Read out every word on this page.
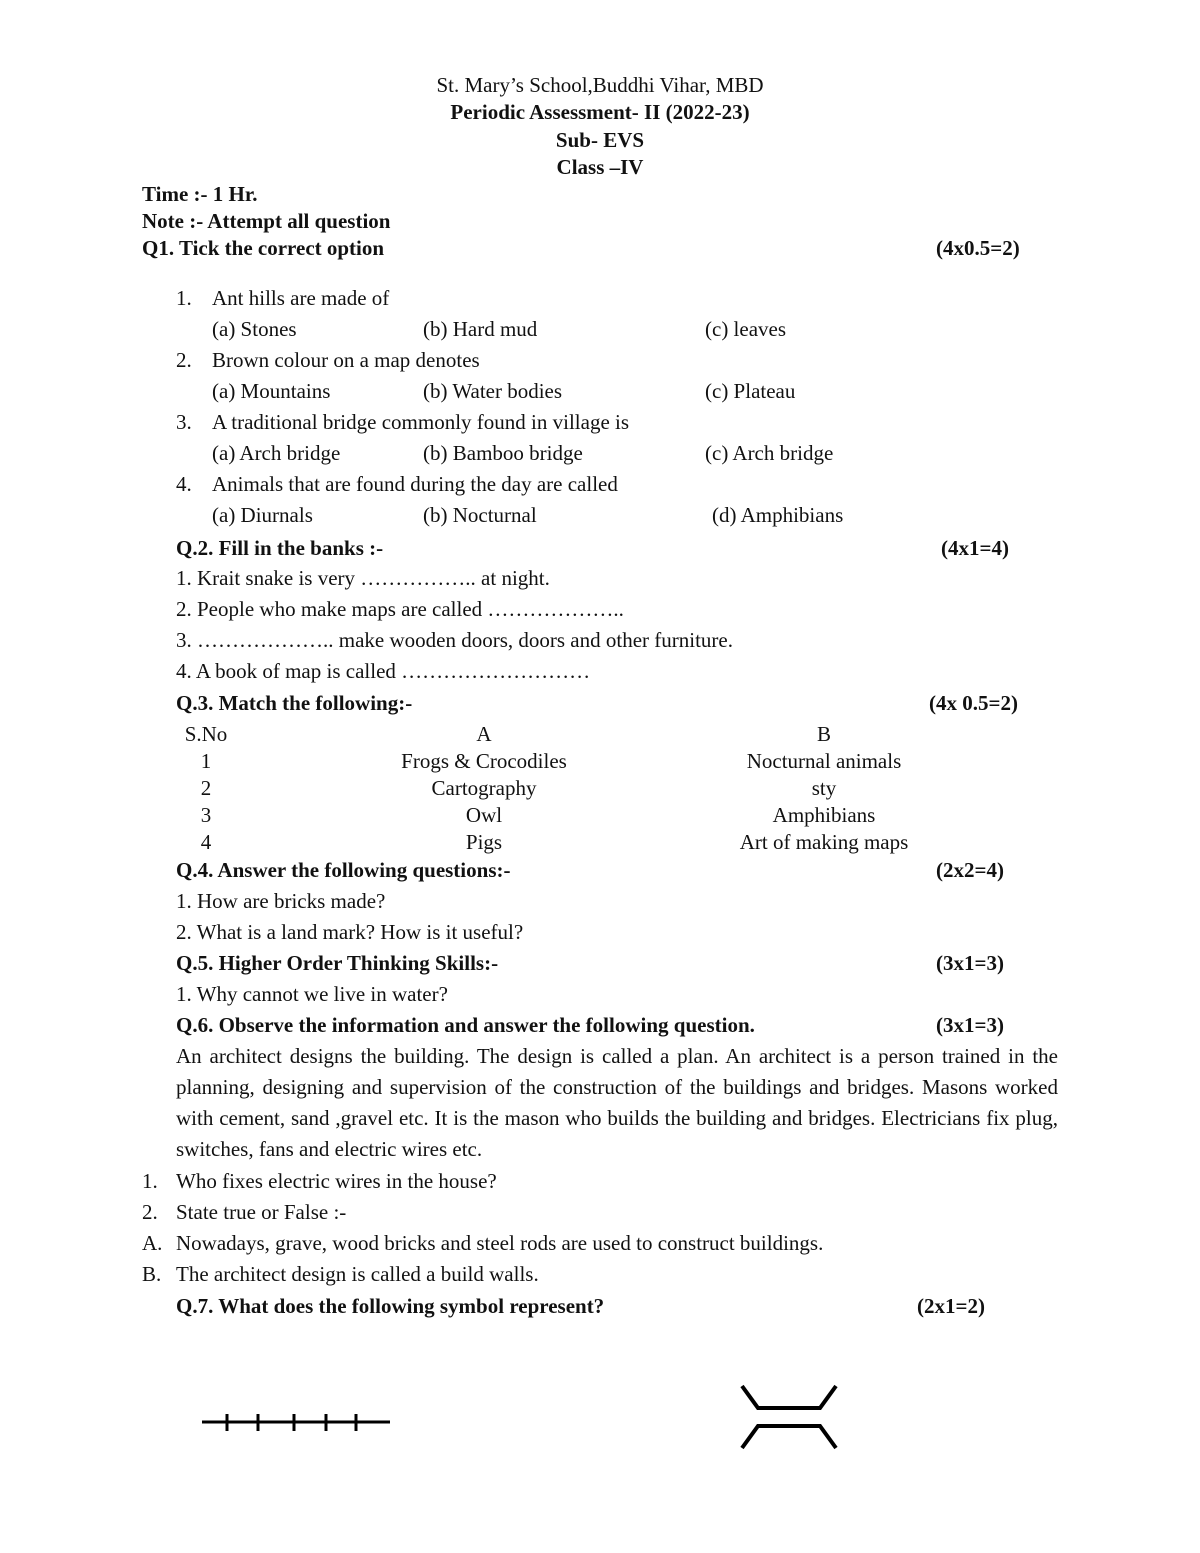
St. Mary’s School,Buddhi Vihar, MBD
Periodic Assessment- II (2022-23)
Sub- EVS
Class –IV
Time :- 1 Hr.
Note :- Attempt all question
Q1. Tick the correct option	(4x0.5=2)
1. Ant hills are made of
(a) Stones	(b) Hard mud	(c) leaves
2. Brown colour on a map denotes
(a) Mountains	(b) Water bodies	(c) Plateau
3. A traditional bridge commonly found in village is
(a) Arch bridge	(b) Bamboo bridge	(c) Arch bridge
4. Animals that are found during the day are called
(a) Diurnals	(b) Nocturnal	(d) Amphibians
Q.2. Fill in the banks :-	(4x1=4)
1. Krait snake is very …………….. at night.
2. People who make maps are called ………………..
3. ……………….. make wooden doors, doors and other furniture.
4. A book of map is called ………………………
Q.3. Match the following:-	(4x 0.5=2)
S.No	A	B
1	Frogs & Crocodiles	Nocturnal animals
2	Cartography	sty
3	Owl	Amphibians
4	Pigs	Art of making maps
Q.4. Answer the following questions:-	(2x2=4)
1. How are bricks made?
2. What is a land mark? How is it useful?
Q.5. Higher Order Thinking Skills:-	(3x1=3)
1. Why cannot we live in water?
Q.6. Observe the information and answer the following question.	(3x1=3)
An architect designs the building. The design is called a plan. An architect is a person trained in the planning, designing and supervision of the construction of the buildings and bridges. Masons worked with cement, sand ,gravel etc. It is the mason who builds the building and bridges. Electricians fix plug, switches, fans and electric wires etc.
1. Who fixes electric wires in the house?
2. State true or False :-
A. Nowadays, grave, wood bricks and steel rods are used to construct buildings.
B. The architect design is called a build walls.
Q.7. What does the following symbol represent?	(2x1=2)
